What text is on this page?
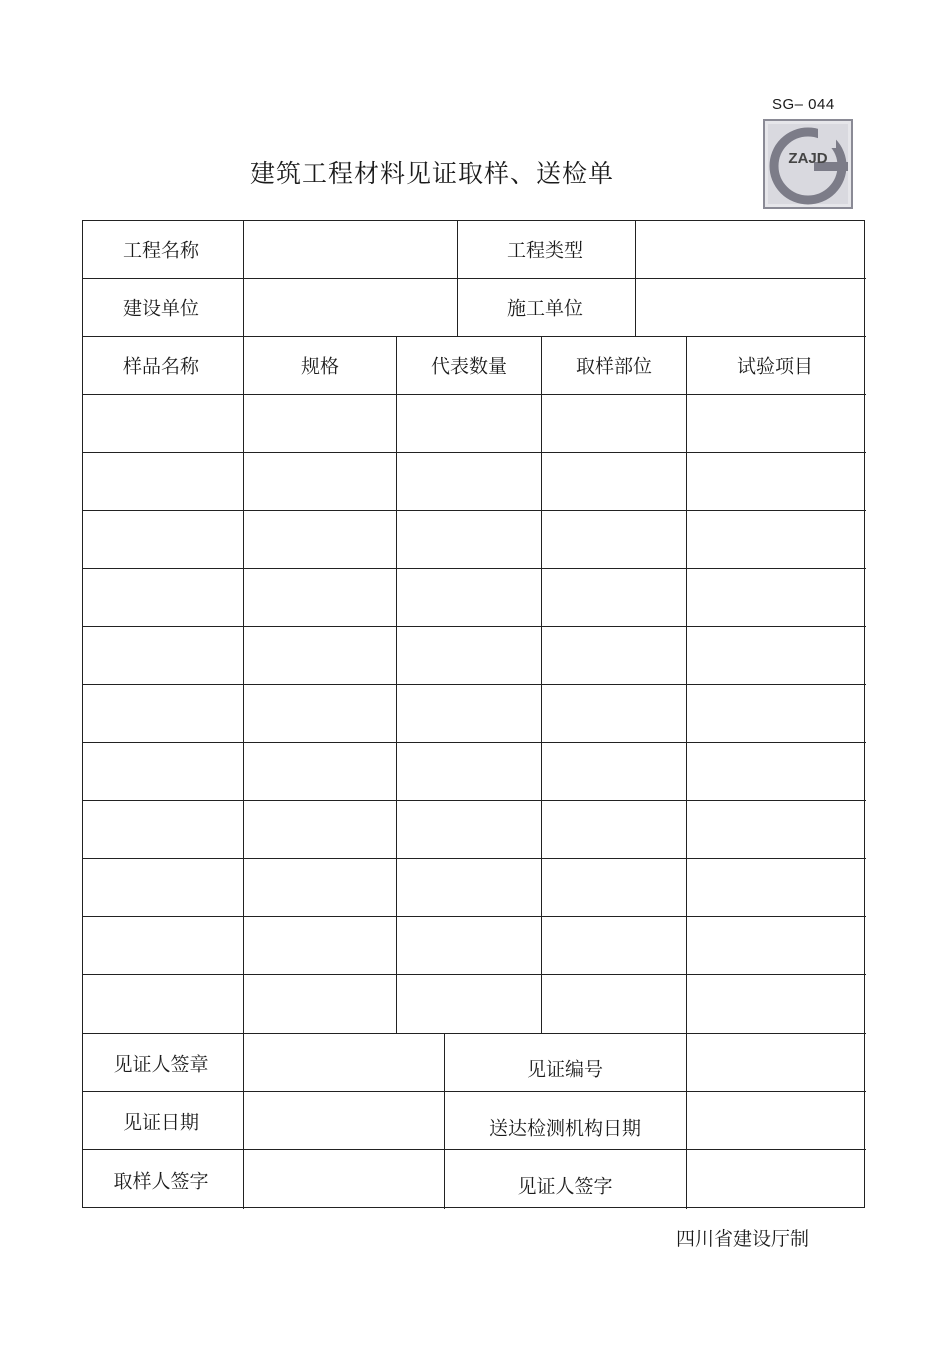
SG– 044
ZAJD
建筑工程材料见证取样、送检单
工程名称	工程类型
建设单位	施工单位
样品名称	规格	代表数量	取样部位	试验项目
见证人签章	见证编号
见证日期	送达检测机构日期
取样人签字	见证人签字
四川省建设厅制
